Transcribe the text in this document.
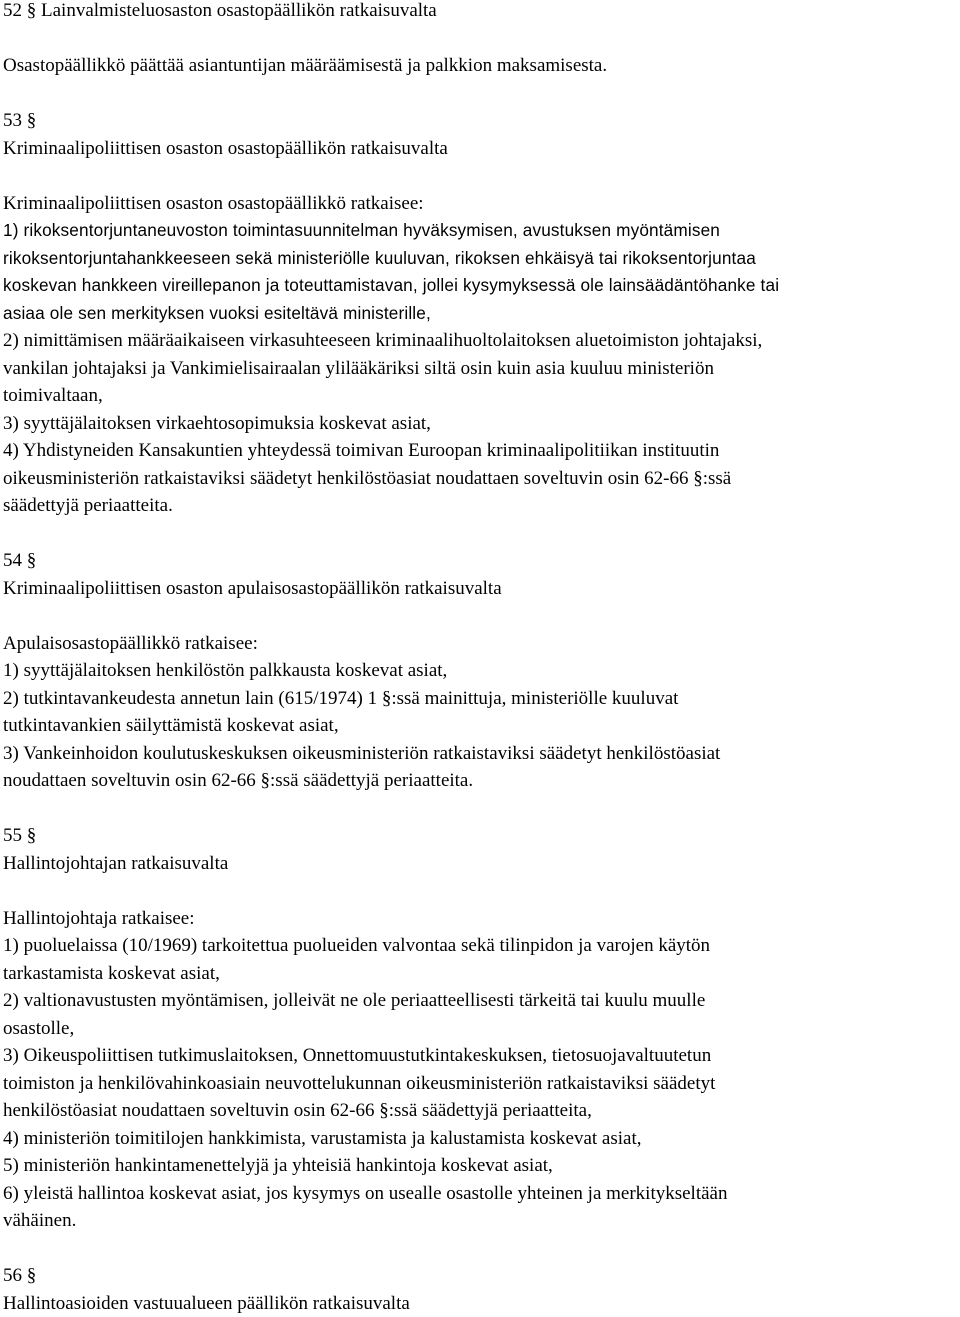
52 § Lainvalmisteluosaston osastopäällikön ratkaisuvalta
Osastopäällikkö päättää asiantuntijan määräämisestä ja palkkion maksamisesta.
53 §
Kriminaalipoliittisen osaston osastopäällikön ratkaisuvalta
Kriminaalipoliittisen osaston osastopäällikkö ratkaisee:
1) rikoksentorjuntaneuvoston toimintasuunnitelman hyväksymisen, avustuksen myöntämisen
rikoksentorjuntahankkeeseen sekä ministeriölle kuuluvan, rikoksen ehkäisyä tai rikoksentorjuntaa
koskevan hankkeen vireillepanon ja toteuttamistavan, jollei kysymyksessä ole lainsäädäntöhanke tai
asiaa ole sen merkityksen vuoksi esiteltävä ministerille,
2) nimittämisen määräaikaiseen virkasuhteeseen kriminaalihuoltolaitoksen aluetoimiston johtajaksi,
vankilan johtajaksi ja Vankimielisairaalan ylilääkäriksi siltä osin kuin asia kuuluu ministeriön
toimivaltaan,
3) syyttäjälaitoksen virkaehtosopimuksia koskevat asiat,
4) Yhdistyneiden Kansakuntien yhteydessä toimivan Euroopan kriminaalipolitiikan instituutin
oikeusministeriön ratkaistaviksi säädetyt henkilöstöasiat noudattaen soveltuvin osin 62-66 §:ssä
säädettyjä periaatteita.
54 §
Kriminaalipoliittisen osaston apulaisosastopäällikön ratkaisuvalta
Apulaisosastopäällikkö ratkaisee:
1) syyttäjälaitoksen henkilöstön palkkausta koskevat asiat,
2) tutkintavankeudesta annetun lain (615/1974) 1 §:ssä mainittuja, ministeriölle kuuluvat
tutkintavankien säilyttämistä koskevat asiat,
3) Vankeinhoidon koulutuskeskuksen oikeusministeriön ratkaistaviksi säädetyt henkilöstöasiat
noudattaen soveltuvin osin 62-66 §:ssä säädettyjä periaatteita.
55 §
Hallintojohtajan ratkaisuvalta
Hallintojohtaja ratkaisee:
1) puoluelaissa (10/1969) tarkoitettua puolueiden valvontaa sekä tilinpidon ja varojen käytön
tarkastamista koskevat asiat,
2) valtionavustusten myöntämisen, jolleivät ne ole periaatteellisesti tärkeitä tai kuulu muulle
osastolle,
3) Oikeuspoliittisen tutkimuslaitoksen, Onnettomuustutkintakeskuksen, tietosuojavaltuutetun
toimiston ja henkilövahinkoasiain neuvottelukunnan oikeusministeriön ratkaistaviksi säädetyt
henkilöstöasiat noudattaen soveltuvin osin 62-66 §:ssä säädettyjä periaatteita,
4) ministeriön toimitilojen hankkimista, varustamista ja kalustamista koskevat asiat,
5) ministeriön hankintamenettelyjä ja yhteisiä hankintoja koskevat asiat,
6) yleistä hallintoa koskevat asiat, jos kysymys on usealle osastolle yhteinen ja merkitykseltään
vähäinen.
56 §
Hallintoasioiden vastuualueen päällikön ratkaisuvalta
